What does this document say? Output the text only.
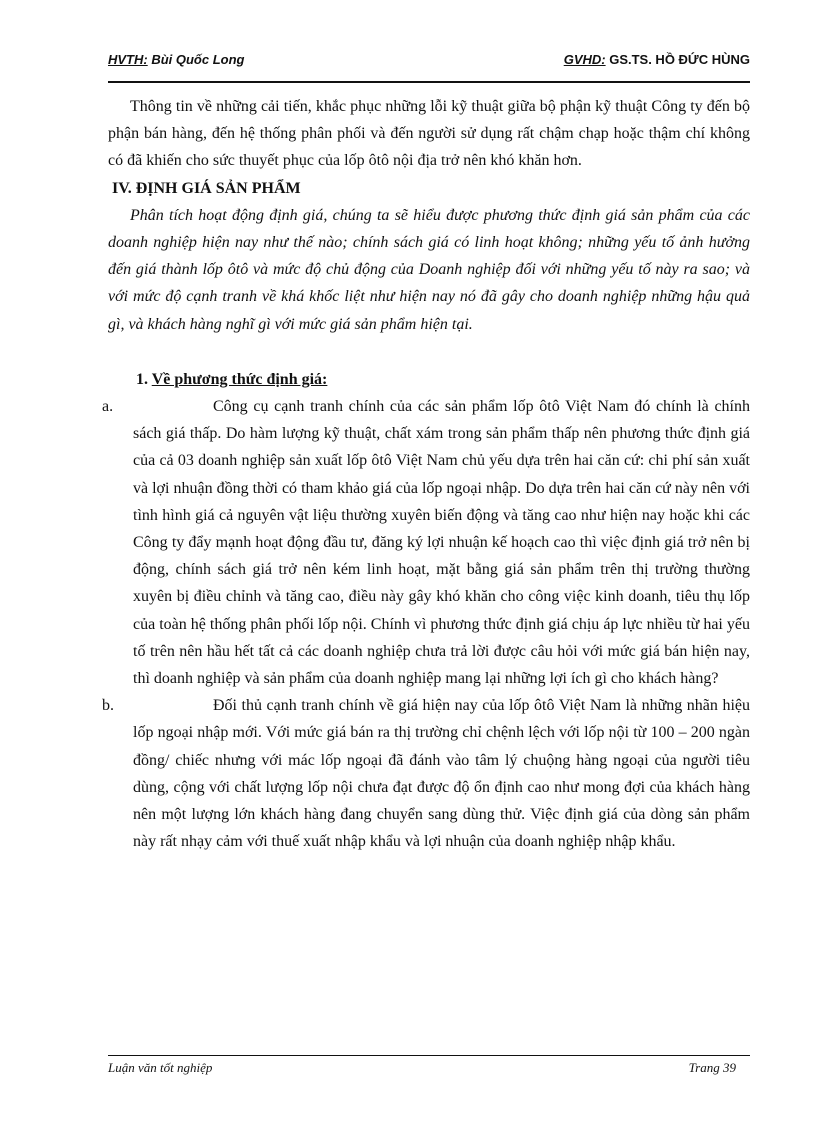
HVTH: Bùi Quốc Long	GVHD: GS.TS. HỒ ĐỨC HÙNG

Thông tin về những cải tiến, khắc phục những lỗi kỹ thuật giữa bộ phận kỹ thuật Công ty đến bộ phận bán hàng, đến hệ thống phân phối và đến người sử dụng rất chậm chạp hoặc thậm chí không có đã khiến cho sức thuyết phục của lốp ôtô nội địa trở nên khó khăn hơn.

IV. ĐỊNH GIÁ SẢN PHẨM

Phân tích hoạt động định giá, chúng ta sẽ hiểu được phương thức định giá sản phẩm của các doanh nghiệp hiện nay như thế nào; chính sách giá có linh hoạt không; những yếu tố ảnh hưởng đến giá thành lốp ôtô và mức độ chủ động của Doanh nghiệp đối với những yếu tố này ra sao; và với mức độ cạnh tranh về khá khốc liệt như hiện nay nó đã gây cho doanh nghiệp những hậu quả gì, và khách hàng nghĩ gì với mức giá sản phẩm hiện tại.

1. Về phương thức định giá:
a.	Công cụ cạnh tranh chính của các sản phẩm lốp ôtô Việt Nam đó chính là chính sách giá thấp. Do hàm lượng kỹ thuật, chất xám trong sản phẩm thấp nên phương thức định giá của cả 03 doanh nghiệp sản xuất lốp ôtô Việt Nam chủ yếu dựa trên hai căn cứ: chi phí sản xuất và lợi nhuận đồng thời có tham khảo giá của lốp ngoại nhập. Do dựa trên hai căn cứ này nên với tình hình giá cả nguyên vật liệu thường xuyên biến động và tăng cao như hiện nay hoặc khi các Công ty đẩy mạnh hoạt động đầu tư, đăng ký lợi nhuận kế hoạch cao thì việc định giá trở nên bị động, chính sách giá trở nên kém linh hoạt, mặt bằng giá sản phẩm trên thị trường thường xuyên bị điều chỉnh và tăng cao, điều này gây khó khăn cho công việc kinh doanh, tiêu thụ lốp của toàn hệ thống phân phối lốp nội. Chính vì phương thức định giá chịu áp lực nhiều từ hai yếu tố trên nên hầu hết tất cả các doanh nghiệp chưa trả lời được câu hỏi với mức giá bán hiện nay, thì doanh nghiệp và sản phẩm của doanh nghiệp mang lại những lợi ích gì cho khách hàng?
b.	Đối thủ cạnh tranh chính về giá hiện nay của lốp ôtô Việt Nam là những nhãn hiệu lốp ngoại nhập mới. Với mức giá bán ra thị trường chỉ chệnh lệch với lốp nội từ 100 – 200 ngàn đồng/ chiếc nhưng với mác lốp ngoại đã đánh vào tâm lý chuộng hàng ngoại của người tiêu dùng, cộng với chất lượng lốp nội chưa đạt được độ ổn định cao như mong đợi của khách hàng nên một lượng lớn khách hàng đang chuyển sang dùng thử. Việc định giá của dòng sản phẩm này rất nhạy cảm với thuế xuất nhập khẩu và lợi nhuận của doanh nghiệp nhập khẩu.
Luận văn tốt nghiệp	Trang 39
